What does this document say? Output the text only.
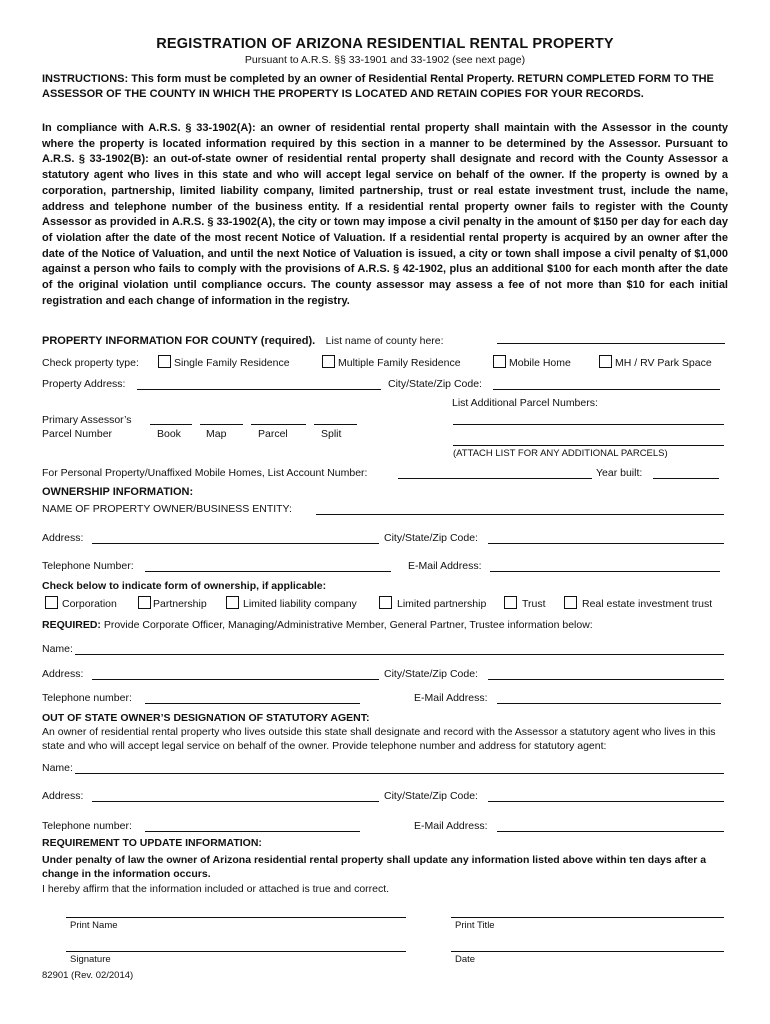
REGISTRATION OF ARIZONA RESIDENTIAL RENTAL PROPERTY
Pursuant to A.R.S. §§ 33-1901 and 33-1902 (see next page)
INSTRUCTIONS: This form must be completed by an owner of Residential Rental Property. RETURN COMPLETED FORM TO THE ASSESSOR OF THE COUNTY IN WHICH THE PROPERTY IS LOCATED AND RETAIN COPIES FOR YOUR RECORDS.
In compliance with A.R.S. § 33-1902(A): an owner of residential rental property shall maintain with the Assessor in the county where the property is located information required by this section in a manner to be determined by the Assessor. Pursuant to A.R.S. § 33-1902(B): an out-of-state owner of residential rental property shall designate and record with the County Assessor a statutory agent who lives in this state and who will accept legal service on behalf of the owner. If the property is owned by a corporation, partnership, limited liability company, limited partnership, trust or real estate investment trust, include the name, address and telephone number of the business entity. If a residential rental property owner fails to register with the County Assessor as provided in A.R.S. § 33-1902(A), the city or town may impose a civil penalty in the amount of $150 per day for each day of violation after the date of the most recent Notice of Valuation. If a residential rental property is acquired by an owner after the date of the Notice of Valuation, and until the next Notice of Valuation is issued, a city or town shall impose a civil penalty of $1,000 against a person who fails to comply with the provisions of A.R.S. § 42-1902, plus an additional $100 for each month after the date of the original violation until compliance occurs. The county assessor may assess a fee of not more than $10 for each initial registration and each change of information in the registry.
PROPERTY INFORMATION FOR COUNTY (required). List name of county here:
Check property type:	Single Family Residence	Multiple Family Residence	Mobile Home	MH / RV Park Space
Property Address:	City/State/Zip Code:
List Additional Parcel Numbers:
Primary Assessor’s
Parcel Number	Book Map	Parcel	Split
(ATTACH LIST FOR ANY ADDITIONAL PARCELS)
For Personal Property/Unaffixed Mobile Homes, List Account Number:	Year built:
OWNERSHIP INFORMATION:
NAME OF PROPERTY OWNER/BUSINESS ENTITY:
Address:	City/State/Zip Code:
Telephone Number:	E-Mail Address:
Check below to indicate form of ownership, if applicable:
Corporation	Partnership	Limited liability company	Limited partnership	Trust	Real estate investment trust
REQUIRED: Provide Corporate Officer, Managing/Administrative Member, General Partner, Trustee information below:
Name:
Address:	City/State/Zip Code:
Telephone number:	E-Mail Address:
OUT OF STATE OWNER’S DESIGNATION OF STATUTORY AGENT:
An owner of residential rental property who lives outside this state shall designate and record with the Assessor a statutory agent who lives in this state and who will accept legal service on behalf of the owner. Provide telephone number and address for statutory agent:
Name:
Address:	City/State/Zip Code:
Telephone number:	E-Mail Address:
REQUIREMENT TO UPDATE INFORMATION:
Under penalty of law the owner of Arizona residential rental property shall update any information listed above within ten days after a change in the information occurs.
I hereby affirm that the information included or attached is true and correct.
Print Name	Print Title
Signature	Date
82901 (Rev. 02/2014)
